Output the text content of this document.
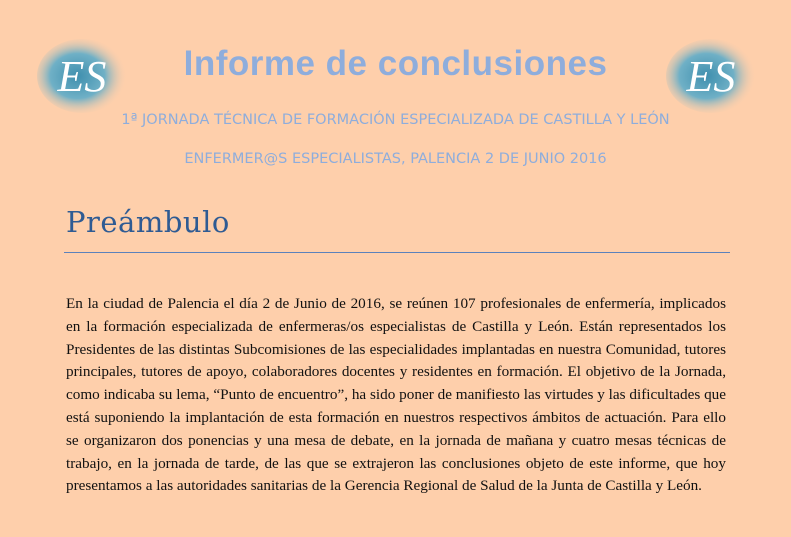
ES	ES
Informe de conclusiones
1ª JORNADA TÉCNICA DE FORMACIÓN ESPECIALIZADA DE CASTILLA Y LEÓN
ENFERMER@S ESPECIALISTAS, PALENCIA 2 DE JUNIO 2016
Preámbulo

En la ciudad de Palencia el día 2 de Junio de 2016, se reúnen 107 profesionales de enfermería, implicados en la formación especializada de enfermeras/os especialistas de Castilla y León. Están representados los Presidentes de las distintas Subcomisiones de las especialidades implantadas en nuestra Comunidad, tutores principales, tutores de apoyo, colaboradores docentes y residentes en formación. El objetivo de la Jornada, como indicaba su lema, “Punto de encuentro”, ha sido poner de manifiesto las virtudes y las dificultades que está suponiendo la implantación de esta formación en nuestros respectivos ámbitos de actuación. Para ello se organizaron dos ponencias y una mesa de debate, en la jornada de mañana y cuatro mesas técnicas de trabajo, en la jornada de tarde, de las que se extrajeron las conclusiones objeto de este informe, que hoy presentamos a las autoridades sanitarias de la Gerencia Regional de Salud de la Junta de Castilla y León.
